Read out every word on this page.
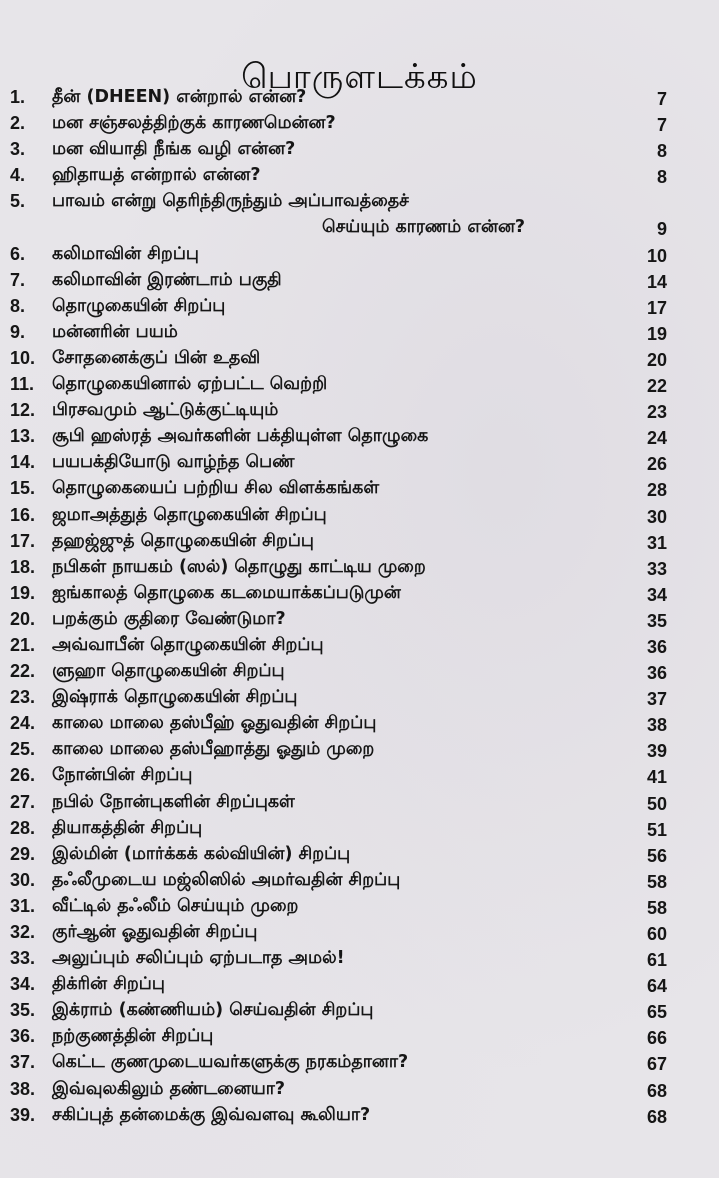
பொருளடக்கம்
1.	தீன் (DHEEN) என்றால் என்ன?	7
2.	மன சஞ்சலத்திற்குக் காரணமென்ன?	7
3.	மன வியாதி நீங்க வழி என்ன?	8
4.	ஹிதாயத் என்றால் என்ன?	8
5.	பாவம் என்று தெரிந்திருந்தும் அப்பாவத்தைச்
செய்யும் காரணம் என்ன?	9
6.	கலிமாவின் சிறப்பு	10
7.	கலிமாவின் இரண்டாம் பகுதி	14
8.	தொழுகையின் சிறப்பு	17
9.	மன்னரின் பயம்	19
10. சோதனைக்குப் பின் உதவி	20
11.	தொழுகையினால் ஏற்பட்ட வெற்றி	22
12. பிரசவமும் ஆட்டுக்குட்டியும்	23
13. சூபி ஹஸ்ரத் அவர்களின் பக்தியுள்ள தொழுகை	24
14. பயபக்தியோடு வாழ்ந்த பெண்	26
15. தொழுகையைப் பற்றிய சில விளக்கங்கள்	28
16. ஜமாஅத்துத் தொழுகையின் சிறப்பு	30
17. தஹஜ்ஜுத் தொழுகையின் சிறப்பு	31
18. நபிகள் நாயகம் (ஸல்) தொழுது காட்டிய முறை	33
19. ஐங்காலத் தொழுகை கடமையாக்கப்படுமுன்	34
20. பறக்கும் குதிரை வேண்டுமா?	35
21. அவ்வாபீன் தொழுகையின் சிறப்பு	36
22. ளுஹா தொழுகையின் சிறப்பு	36
23. இஷ்ராக் தொழுகையின் சிறப்பு	37
24. காலை மாலை தஸ்பீஹ் ஓதுவதின் சிறப்பு	38
25. காலை மாலை தஸ்பீஹாத்து ஓதும் முறை	39
26. நோன்பின் சிறப்பு	41
27. நபில் நோன்புகளின் சிறப்புகள்	50
28. தியாகத்தின் சிறப்பு	51
29. இல்மின் (மார்க்கக் கல்வியின்) சிறப்பு	56
30. தஃலீமுடைய மஜ்லிஸில் அமர்வதின் சிறப்பு	58
31. வீட்டில் தஃலீம் செய்யும் முறை	58
32. குர்ஆன் ஓதுவதின் சிறப்பு	60
33. அலுப்பும் சலிப்பும் ஏற்படாத அமல்!	61
34. திக்ரின் சிறப்பு	64
35. இக்ராம் (கண்ணியம்) செய்வதின் சிறப்பு	65
36. நற்குணத்தின் சிறப்பு	66
37. கெட்ட குணமுடையவர்களுக்கு நரகம்தானா?	67
38. இவ்வுலகிலும் தண்டனையா?	68
39. சகிப்புத் தன்மைக்கு இவ்வளவு கூலியா?	68
